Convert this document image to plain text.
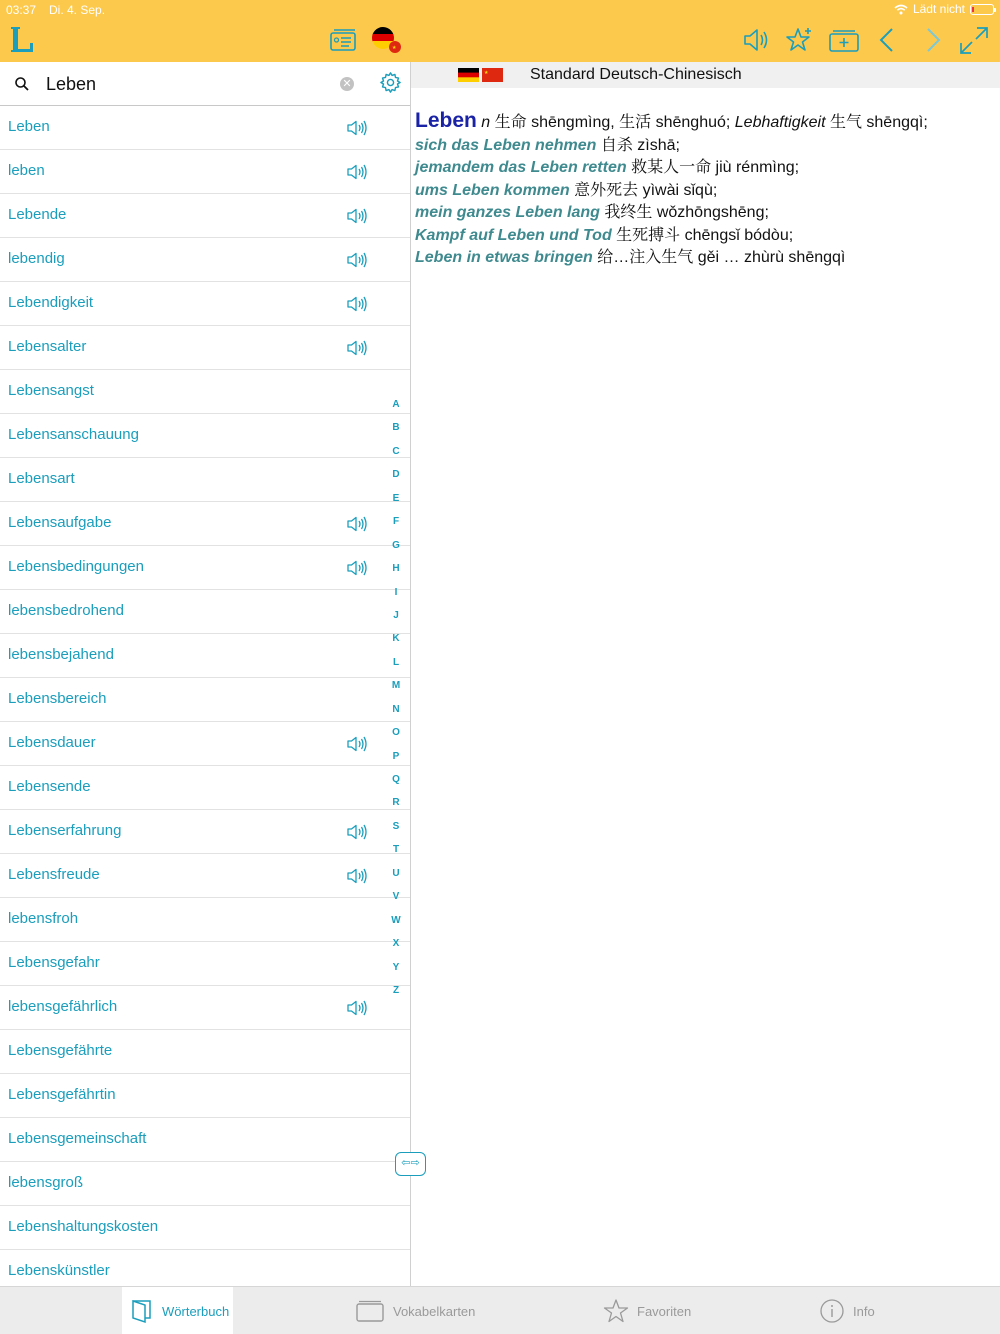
03:37 Di. 4. Sep.	Lädt nicht
★
Leben
✕
Leben
leben
Lebende
lebendig
Lebendigkeit
Lebensalter
Lebensangst
Lebensanschauung
Lebensart
Lebensaufgabe
Lebensbedingungen
lebensbedrohend
lebensbejahend
Lebensbereich
Lebensdauer
Lebensende
Lebenserfahrung
Lebensfreude
lebensfroh
Lebensgefahr
lebensgefährlich
Lebensgefährte
Lebensgefährtin
Lebensgemeinschaft
lebensgroß
Lebenshaltungskosten
Lebenskünstler
A
B
C
D
E
F
G
H
I
J
K
L
M
N
O
P
Q
R
S
T
U
V
W
X
Y
Z
⇦⇨
★	Standard Deutsch-Chinesisch
Leben n 生命 shēngmìng, 生活 shēnghuó; Lebhaftigkeit 生气 shēngqì;
sich das Leben nehmen 自杀 zìshā;
jemandem das Leben retten 救某人一命 jiù rénmìng;
ums Leben kommen 意外死去 yìwài sǐqù;
mein ganzes Leben lang 我终生 wǒzhōngshēng;
Kampf auf Leben und Tod 生死搏斗 chēngsǐ bódòu;
Leben in etwas bringen 给…注入生气 gěi … zhùrù shēngqì
Wörterbuch	Vokabelkarten	Favoriten	Info
